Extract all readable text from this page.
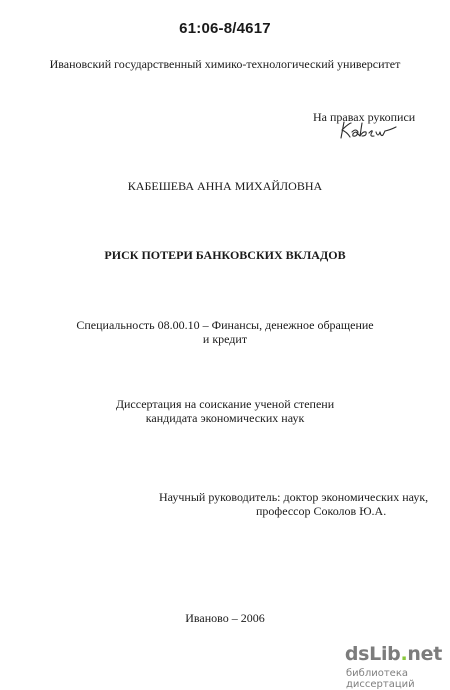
61:06-8/4617
Ивановский государственный химико-технологический университет
На правах рукописи
КАБЕШЕВА АННА МИХАЙЛОВНА
РИСК ПОТЕРИ БАНКОВСКИХ ВКЛАДОВ
Специальность 08.00.10 – Финансы, денежное обращение
и кредит
Диссертация на соискание ученой степени
кандидата экономических наук
Научный руководитель: доктор экономических наук,
профессор Соколов Ю.А.
Иваново – 2006
dsLib.net
библиотека диссертаций
